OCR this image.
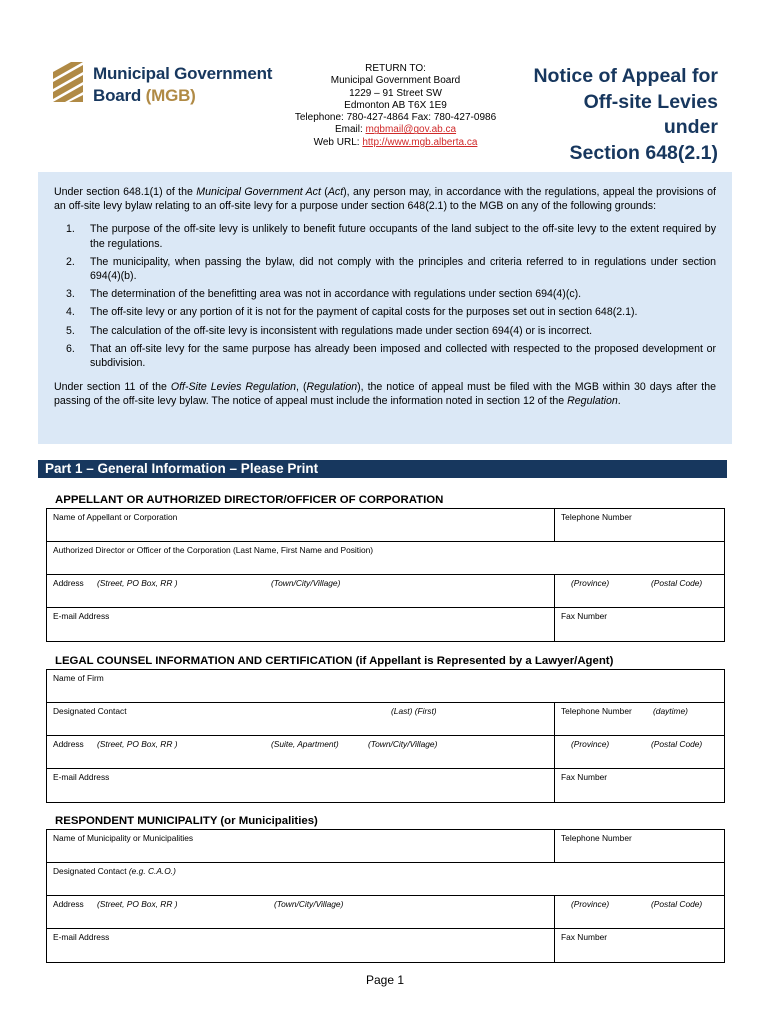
Municipal Government
Board (MGB)
RETURN TO:
Municipal Government Board
1229 – 91 Street SW
Edmonton AB T6X 1E9
Telephone: 780-427-4864 Fax: 780-427-0986
Email: mgbmail@gov.ab.ca
Web URL: http://www.mgb.alberta.ca
Notice of Appeal for
Off-site Levies
under
Section 648(2.1)

Under section 648.1(1) of the Municipal Government Act (Act), any person may, in accordance with the regulations, appeal the provisions of an off-site levy bylaw relating to an off-site levy for a purpose under section 648(2.1) to the MGB on any of the following grounds:

1.	The purpose of the off-site levy is unlikely to benefit future occupants of the land subject to the off-site levy to the extent required by the regulations.
2.	The municipality, when passing the bylaw, did not comply with the principles and criteria referred to in regulations under section 694(4)(b).
3.	The determination of the benefitting area was not in accordance with regulations under section 694(4)(c).
4.	The off-site levy or any portion of it is not for the payment of capital costs for the purposes set out in section 648(2.1).
5.	The calculation of the off-site levy is inconsistent with regulations made under section 694(4) or is incorrect.
6.	That an off-site levy for the same purpose has already been imposed and collected with respected to the proposed development or subdivision.

Under section 11 of the Off-Site Levies Regulation, (Regulation), the notice of appeal must be filed with the MGB within 30 days after the passing of the off-site levy bylaw. The notice of appeal must include the information noted in section 12 of the Regulation.

Part 1 – General Information – Please Print
APPELLANT OR AUTHORIZED DIRECTOR/OFFICER OF CORPORATION
Name of Appellant or Corporation	Telephone Number
Authorized Director or Officer of the Corporation (Last Name, First Name and Position)
Address (Street, PO Box, RR )	(Town/City/Village)	(Province)	(Postal Code)
E-mail Address	Fax Number
LEGAL COUNSEL INFORMATION AND CERTIFICATION (if Appellant is Represented by a Lawyer/Agent)
Name of Firm
Designated Contact	(Last) (First)	Telephone Number	(daytime)
Address (Street, PO Box, RR )	(Suite, Apartment)	(Town/City/Village)	(Province)	(Postal Code)
E-mail Address	Fax Number
RESPONDENT MUNICIPALITY (or Municipalities)
Name of Municipality or Municipalities	Telephone Number
Designated Contact (e.g. C.A.O.)
Address (Street, PO Box, RR )	(Town/City/Village)	(Province)	(Postal Code)
E-mail Address	Fax Number
Page 1
